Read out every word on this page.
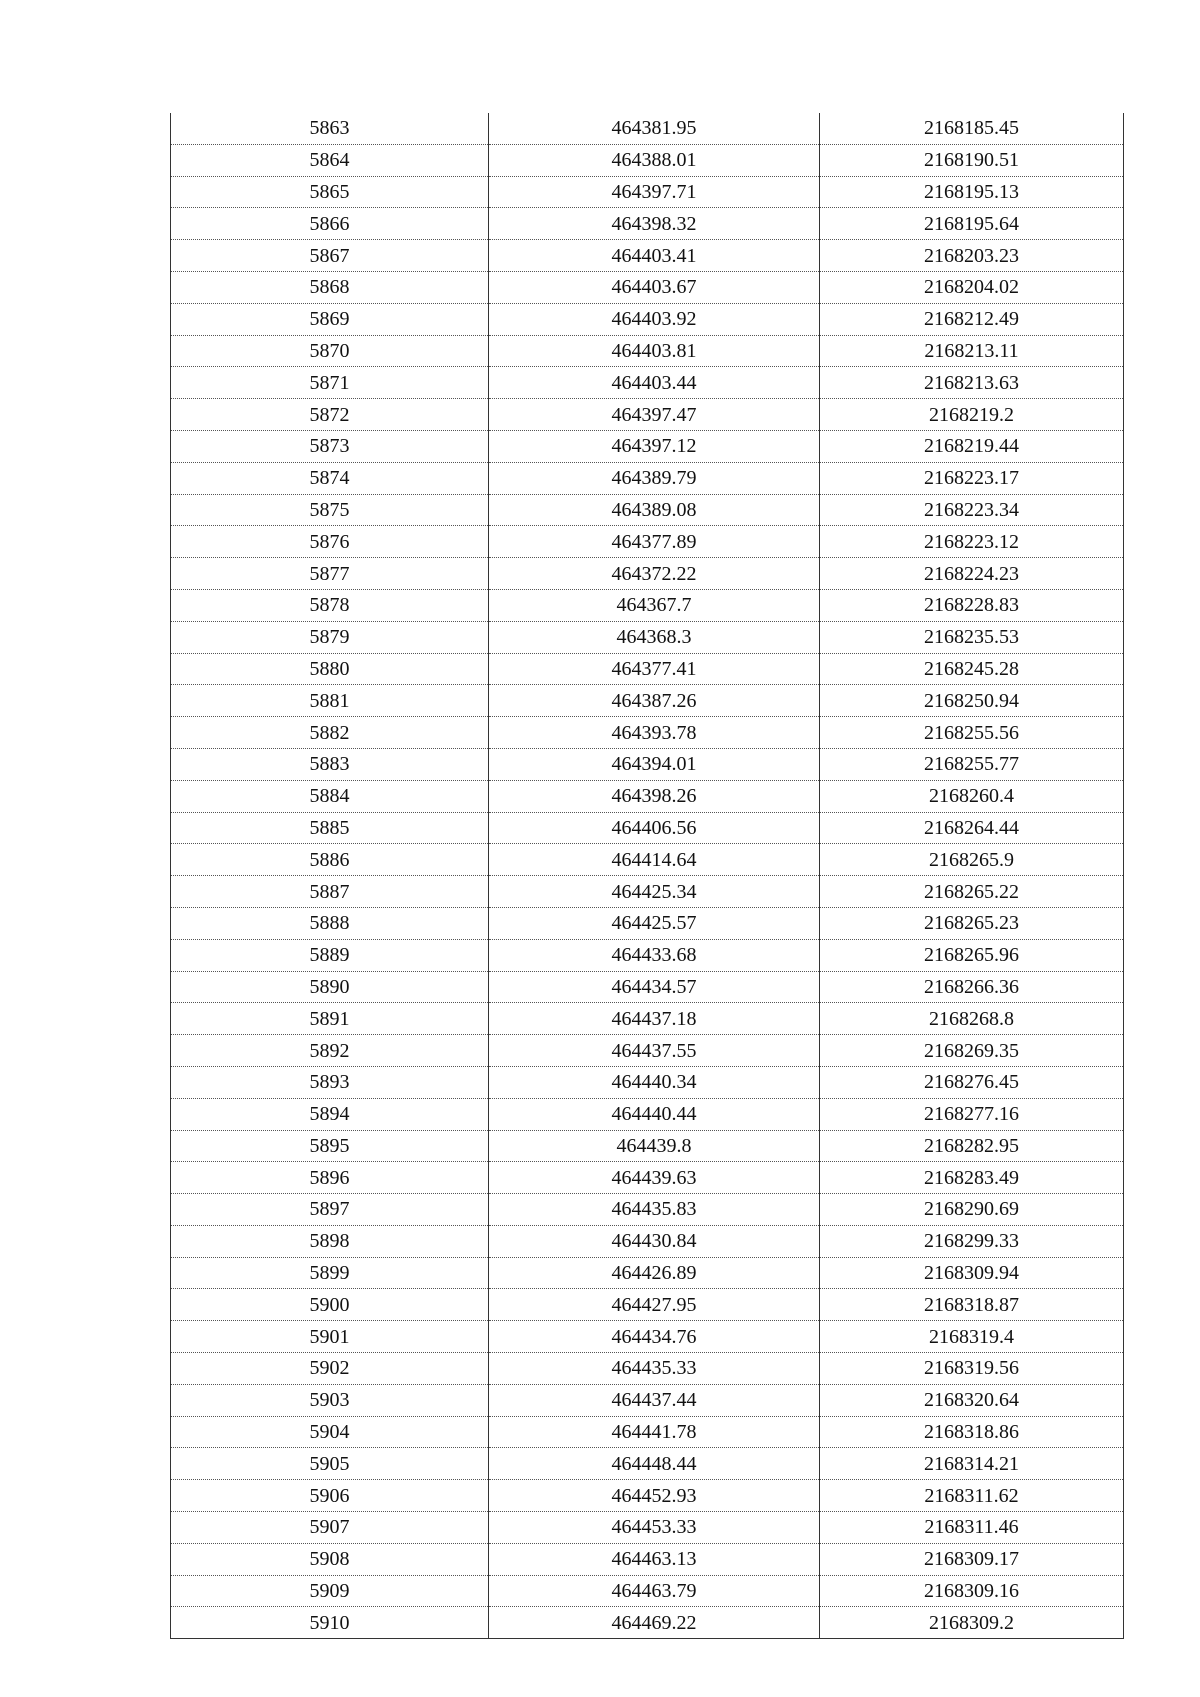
5863	464381.95	2168185.45
5864	464388.01	2168190.51
5865	464397.71	2168195.13
5866	464398.32	2168195.64
5867	464403.41	2168203.23
5868	464403.67	2168204.02
5869	464403.92	2168212.49
5870	464403.81	2168213.11
5871	464403.44	2168213.63
5872	464397.47	2168219.2
5873	464397.12	2168219.44
5874	464389.79	2168223.17
5875	464389.08	2168223.34
5876	464377.89	2168223.12
5877	464372.22	2168224.23
5878	464367.7	2168228.83
5879	464368.3	2168235.53
5880	464377.41	2168245.28
5881	464387.26	2168250.94
5882	464393.78	2168255.56
5883	464394.01	2168255.77
5884	464398.26	2168260.4
5885	464406.56	2168264.44
5886	464414.64	2168265.9
5887	464425.34	2168265.22
5888	464425.57	2168265.23
5889	464433.68	2168265.96
5890	464434.57	2168266.36
5891	464437.18	2168268.8
5892	464437.55	2168269.35
5893	464440.34	2168276.45
5894	464440.44	2168277.16
5895	464439.8	2168282.95
5896	464439.63	2168283.49
5897	464435.83	2168290.69
5898	464430.84	2168299.33
5899	464426.89	2168309.94
5900	464427.95	2168318.87
5901	464434.76	2168319.4
5902	464435.33	2168319.56
5903	464437.44	2168320.64
5904	464441.78	2168318.86
5905	464448.44	2168314.21
5906	464452.93	2168311.62
5907	464453.33	2168311.46
5908	464463.13	2168309.17
5909	464463.79	2168309.16
5910	464469.22	2168309.2
